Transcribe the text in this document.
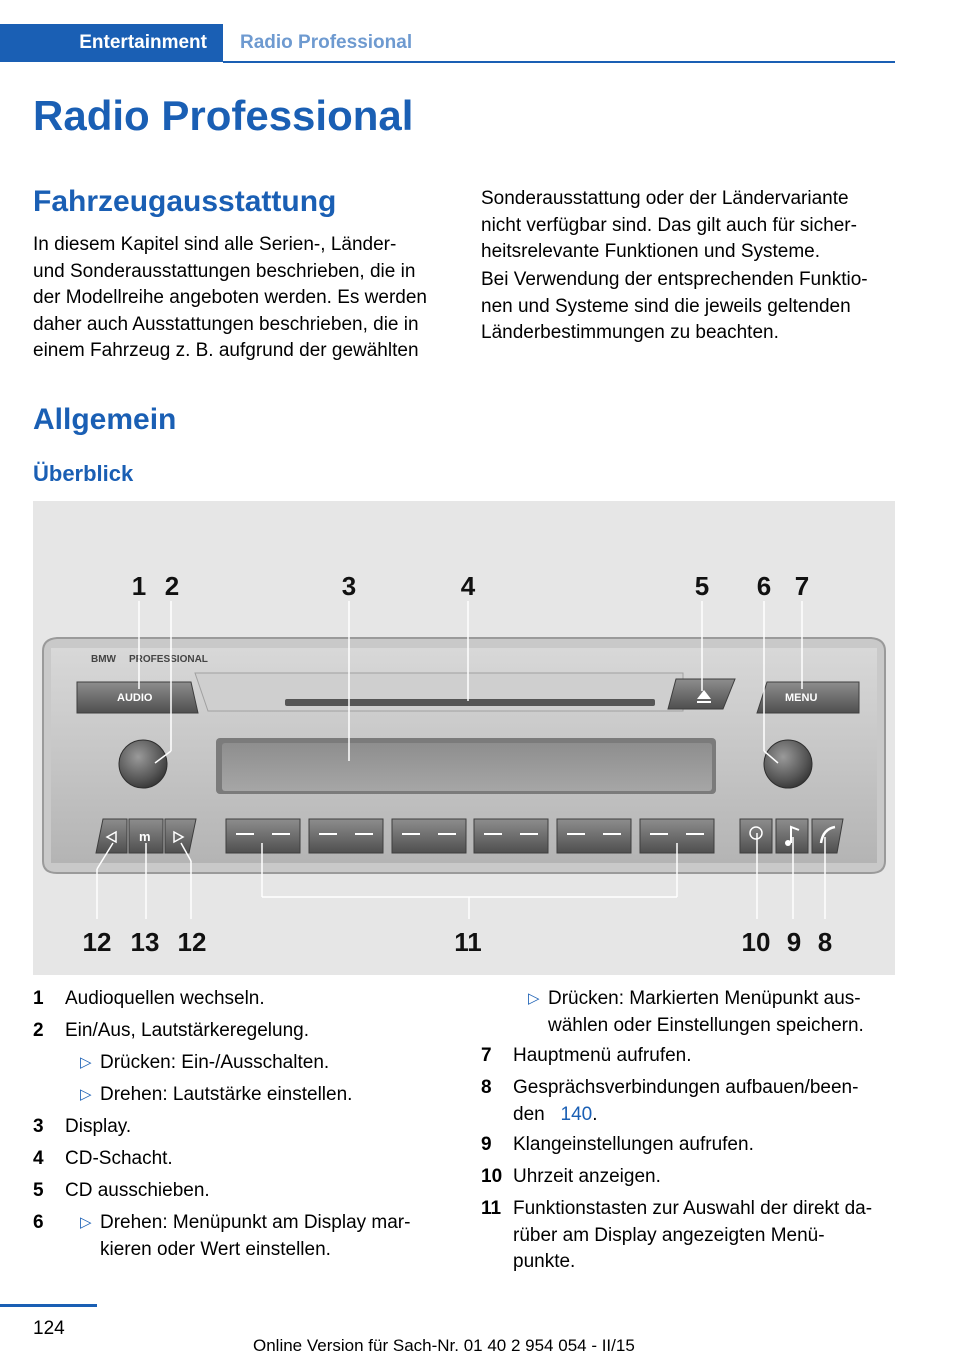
Entertainment Radio Professional
Radio Professional
Fahrzeugausstattung
In diesem Kapitel sind alle Serien-, Länder-
und Sonderausstattungen beschrieben, die in
der Modellreihe angeboten werden. Es werden
daher auch Ausstattungen beschrieben, die in
einem Fahrzeug z. B. aufgrund der gewählten
Sonderausstattung oder der Ländervariante
nicht verfügbar sind. Das gilt auch für sicher-
heitsrelevante Funktionen und Systeme.
Bei Verwendung der entsprechenden Funktio-
nen und Systeme sind die jeweils geltenden
Länderbestimmungen zu beachten.
Allgemein
Überblick
BMW PROFESSIONAL
AUDIO	MENU
m
1 2	3	4	5 6 7
12 13 12	11	10 9 8
1 Audioquellen wechseln.
2 Ein/Aus, Lautstärkeregelung.
▷ Drücken: Ein-/Ausschalten.
▷ Drehen: Lautstärke einstellen.
3 Display.
4 CD-Schacht.
5 CD ausschieben.
6 ▷ Drehen: Menüpunkt am Display mar-
kieren oder Wert einstellen.
▷ Drücken: Markierten Menüpunkt aus-
wählen oder Einstellungen speichern.
7 Hauptmenü aufrufen.
8 Gesprächsverbindungen aufbauen/been-
den 140.
9 Klangeinstellungen aufrufen.
10 Uhrzeit anzeigen.
11 Funktionstasten zur Auswahl der direkt da-
rüber am Display angezeigten Menü-
punkte.
124
Online Version für Sach-Nr. 01 40 2 954 054 - II/15
